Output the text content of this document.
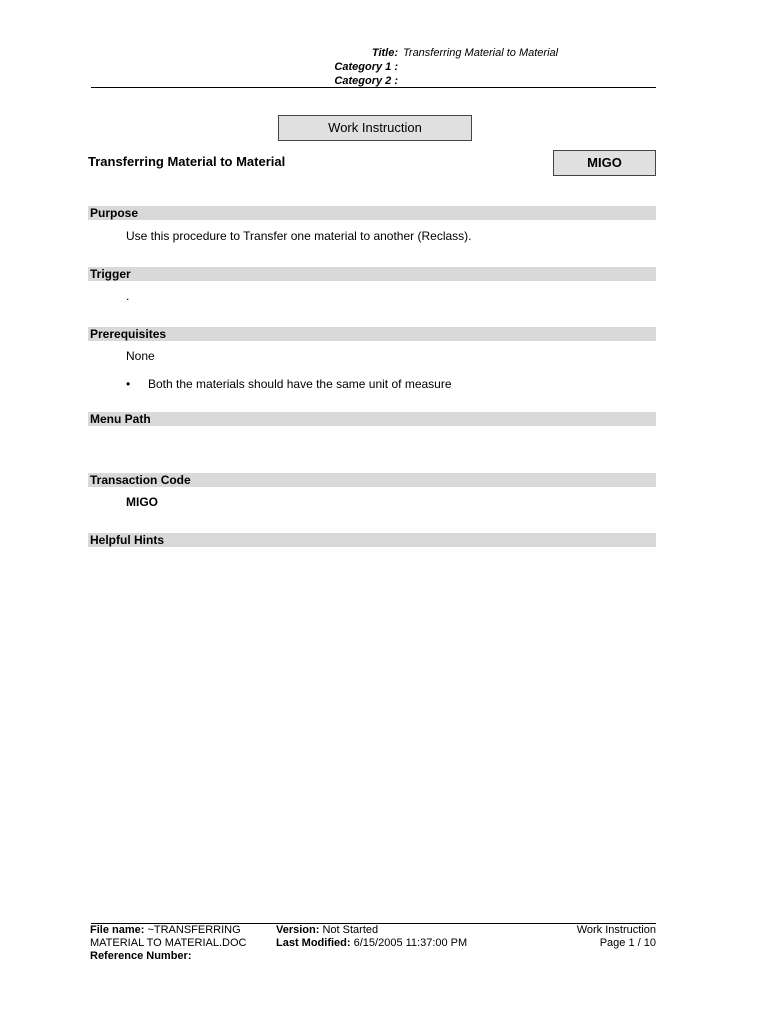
Title: Transferring Material to Material
Category 1 :
Category 2 :
Work Instruction
Transferring Material to Material	MIGO
Purpose
Use this procedure to Transfer one material to another (Reclass).
Trigger
.
Prerequisites
None
• Both the materials should have the same unit of measure
Menu Path
Transaction Code
MIGO
Helpful Hints
File name: ~TRANSFERRING
MATERIAL TO MATERIAL.DOC
Reference Number:
Version: Not Started
Last Modified: 6/15/2005 11:37:00 PM
Work Instruction
Page 1 / 10
